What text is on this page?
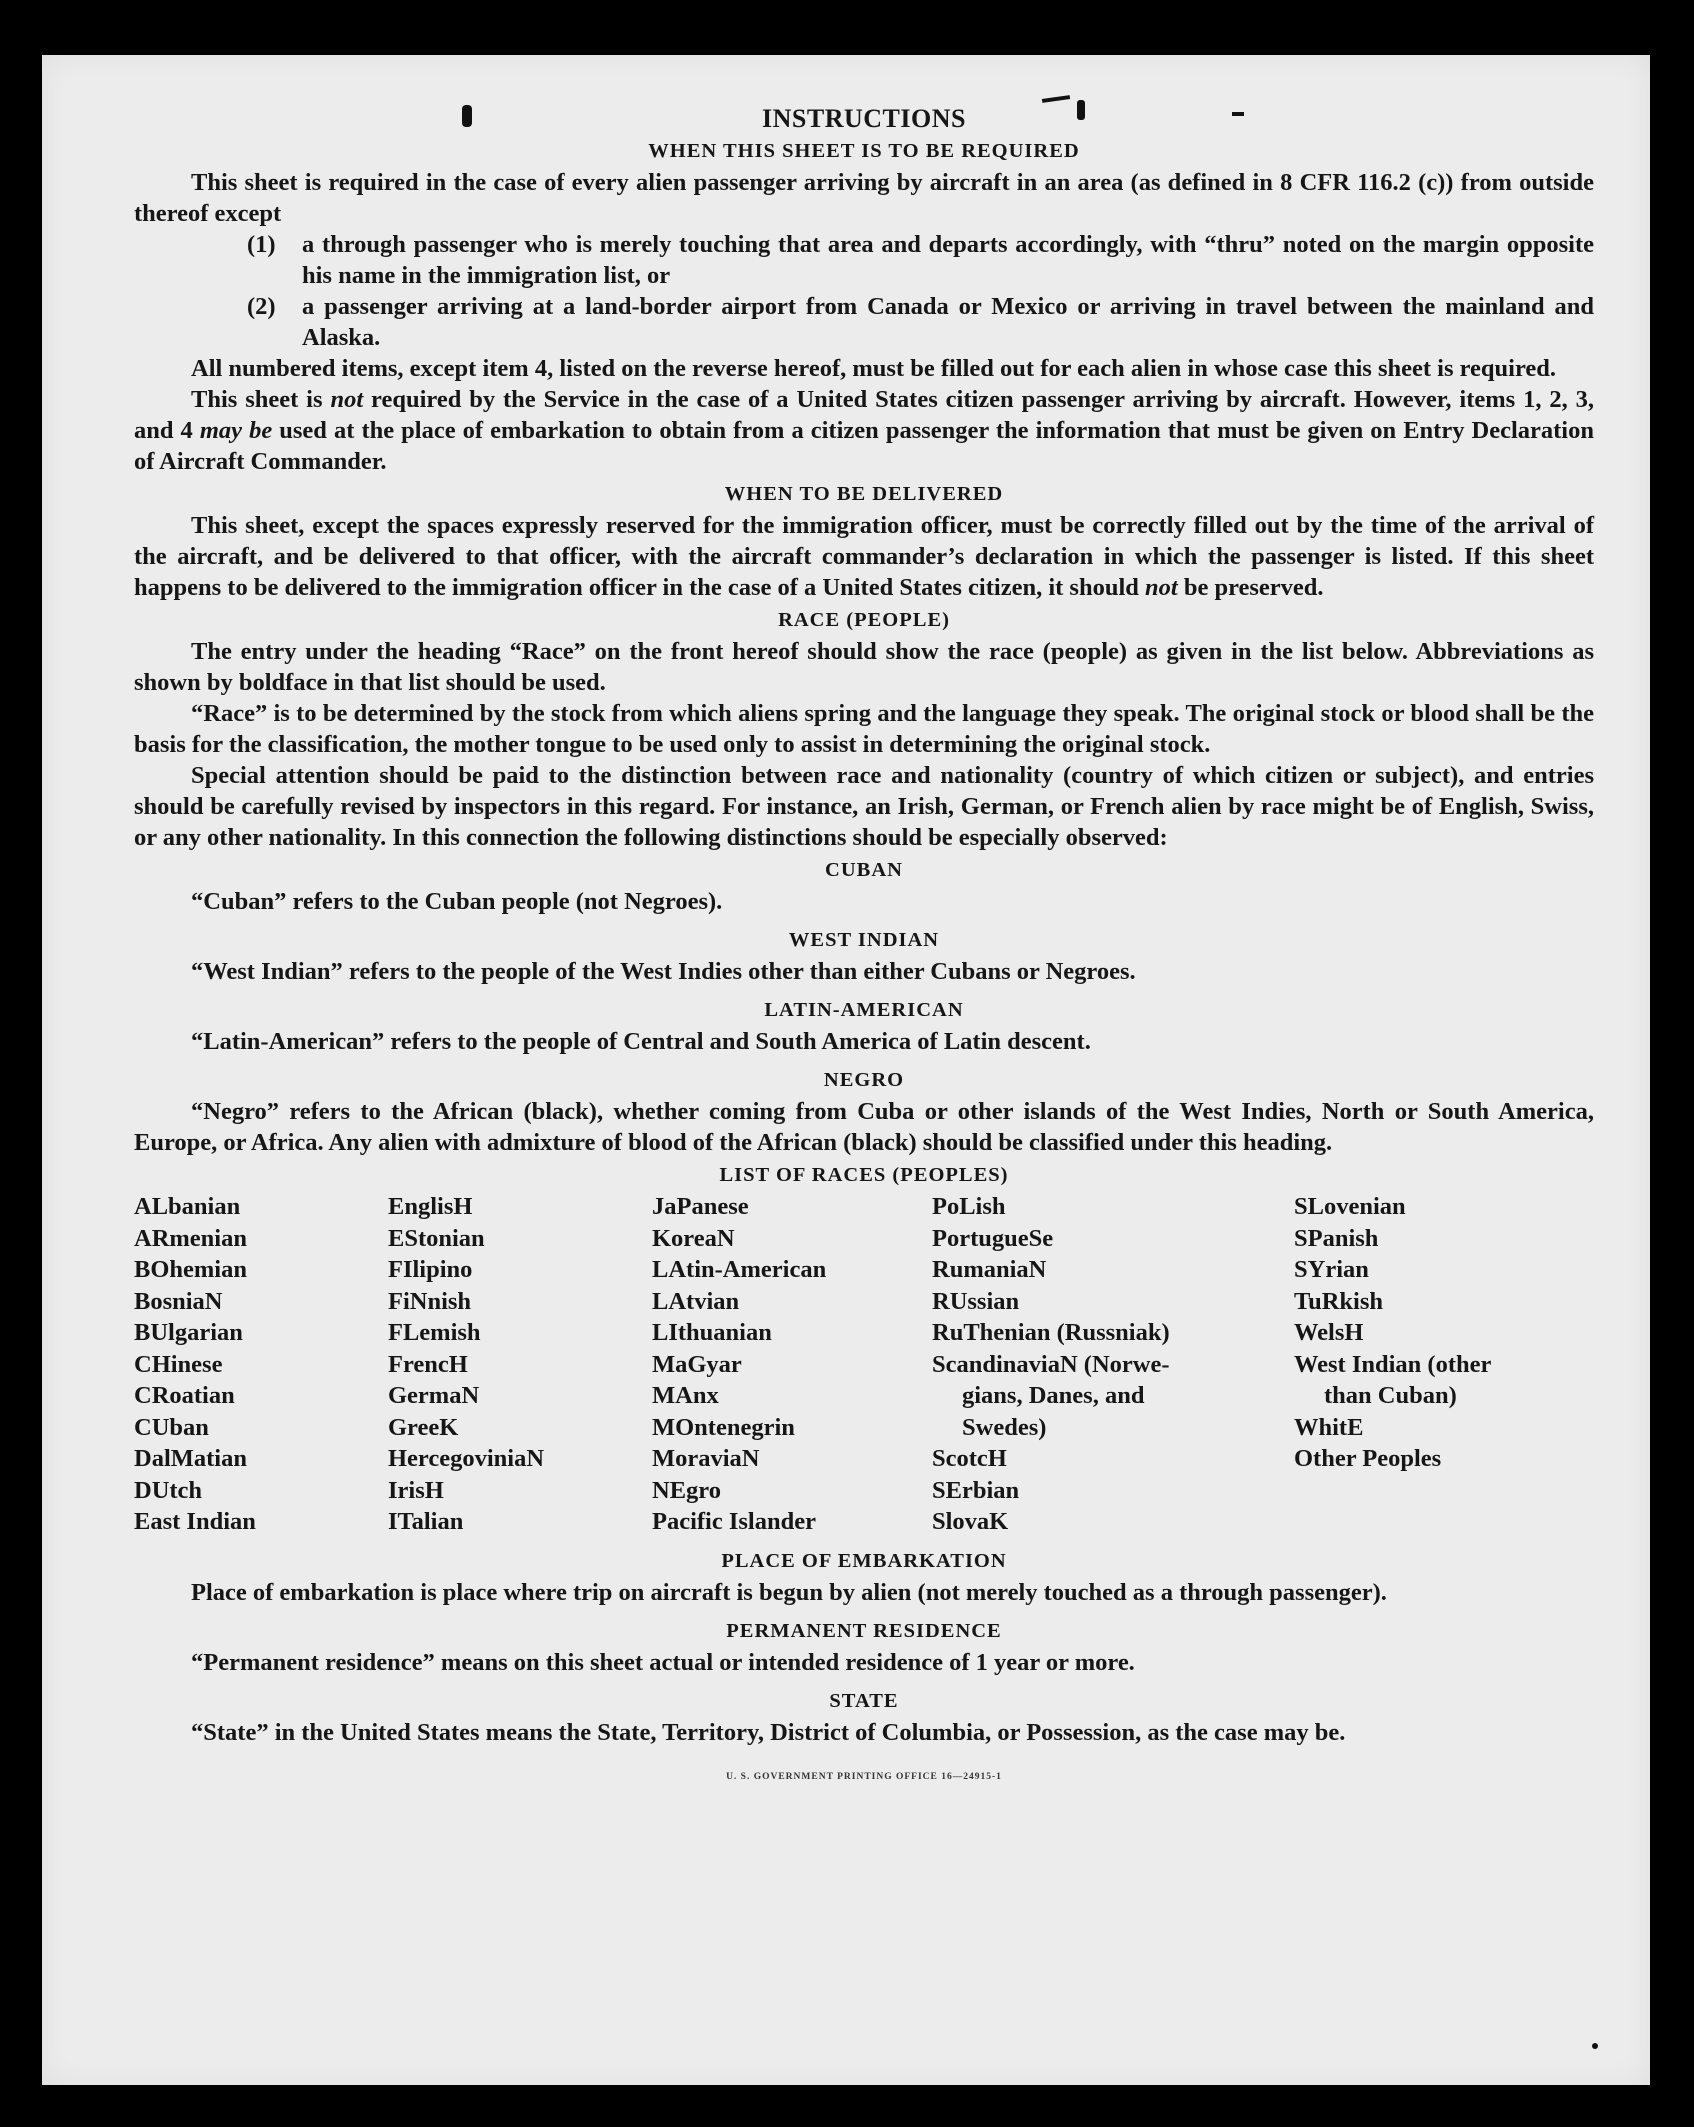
INSTRUCTIONS
WHEN THIS SHEET IS TO BE REQUIRED

This sheet is required in the case of every alien passenger arriving by aircraft in an area (as defined in 8 CFR 116.2 (c)) from outside thereof except

(1)	a through passenger who is merely touching that area and departs accordingly, with “thru” noted on the margin opposite his name in the immigration list, or
(2)	a passenger arriving at a land-border airport from Canada or Mexico or arriving in travel between the mainland and Alaska.

All numbered items, except item 4, listed on the reverse hereof, must be filled out for each alien in whose case this sheet is required.

This sheet is not required by the Service in the case of a United States citizen passenger arriving by aircraft. However, items 1, 2, 3, and 4 may be used at the place of embarkation to obtain from a citizen passenger the information that must be given on Entry Declaration of Aircraft Commander.

WHEN TO BE DELIVERED

This sheet, except the spaces expressly reserved for the immigration officer, must be correctly filled out by the time of the arrival of the aircraft, and be delivered to that officer, with the aircraft commander’s declaration in which the passenger is listed. If this sheet happens to be delivered to the immigration officer in the case of a United States citizen, it should not be preserved.

RACE (PEOPLE)

The entry under the heading “Race” on the front hereof should show the race (people) as given in the list below. Abbreviations as shown by boldface in that list should be used.

“Race” is to be determined by the stock from which aliens spring and the language they speak. The original stock or blood shall be the basis for the classification, the mother tongue to be used only to assist in determining the original stock.

Special attention should be paid to the distinction between race and nationality (country of which citizen or subject), and entries should be carefully revised by inspectors in this regard. For instance, an Irish, German, or French alien by race might be of English, Swiss, or any other nationality. In this connection the following distinctions should be especially observed:

CUBAN

“Cuban” refers to the Cuban people (not Negroes).

WEST INDIAN

“West Indian” refers to the people of the West Indies other than either Cubans or Negroes.

LATIN-AMERICAN

“Latin-American” refers to the people of Central and South America of Latin descent.

NEGRO

“Negro” refers to the African (black), whether coming from Cuba or other islands of the West Indies, North or South America, Europe, or Africa. Any alien with admixture of blood of the African (black) should be classified under this heading.

LIST OF RACES (PEOPLES)
ALbanian
ARmenian
BOhemian
BosniaN
BUlgarian
CHinese
CRoatian
CUban
DalMatian
DUtch
East Indian
EnglisH
EStonian
FIlipino
FiNnish
FLemish
FrencH
GermaN
GreeK
HercegoviniaN
IrisH
ITalian
JaPanese
KoreaN
LAtin-American
LAtvian
LIthuanian
MaGyar
MAnx
MOntenegrin
MoraviaN
NEgro
Pacific Islander
PoLish
PortugueSe
RumaniaN
RUssian
RuThenian (Russniak)
ScandinaviaN (Norwe-
gians, Danes, and
Swedes)
ScotcH
SErbian
SlovaK
SLovenian
SPanish
SYrian
TuRkish
WelsH
West Indian (other
than Cuban)
WhitE
Other Peoples
PLACE OF EMBARKATION

Place of embarkation is place where trip on aircraft is begun by alien (not merely touched as a through passenger).

PERMANENT RESIDENCE

“Permanent residence” means on this sheet actual or intended residence of 1 year or more.

STATE

“State” in the United States means the State, Territory, District of Columbia, or Possession, as the case may be.

U. S. GOVERNMENT PRINTING OFFICE 16—24915-1
